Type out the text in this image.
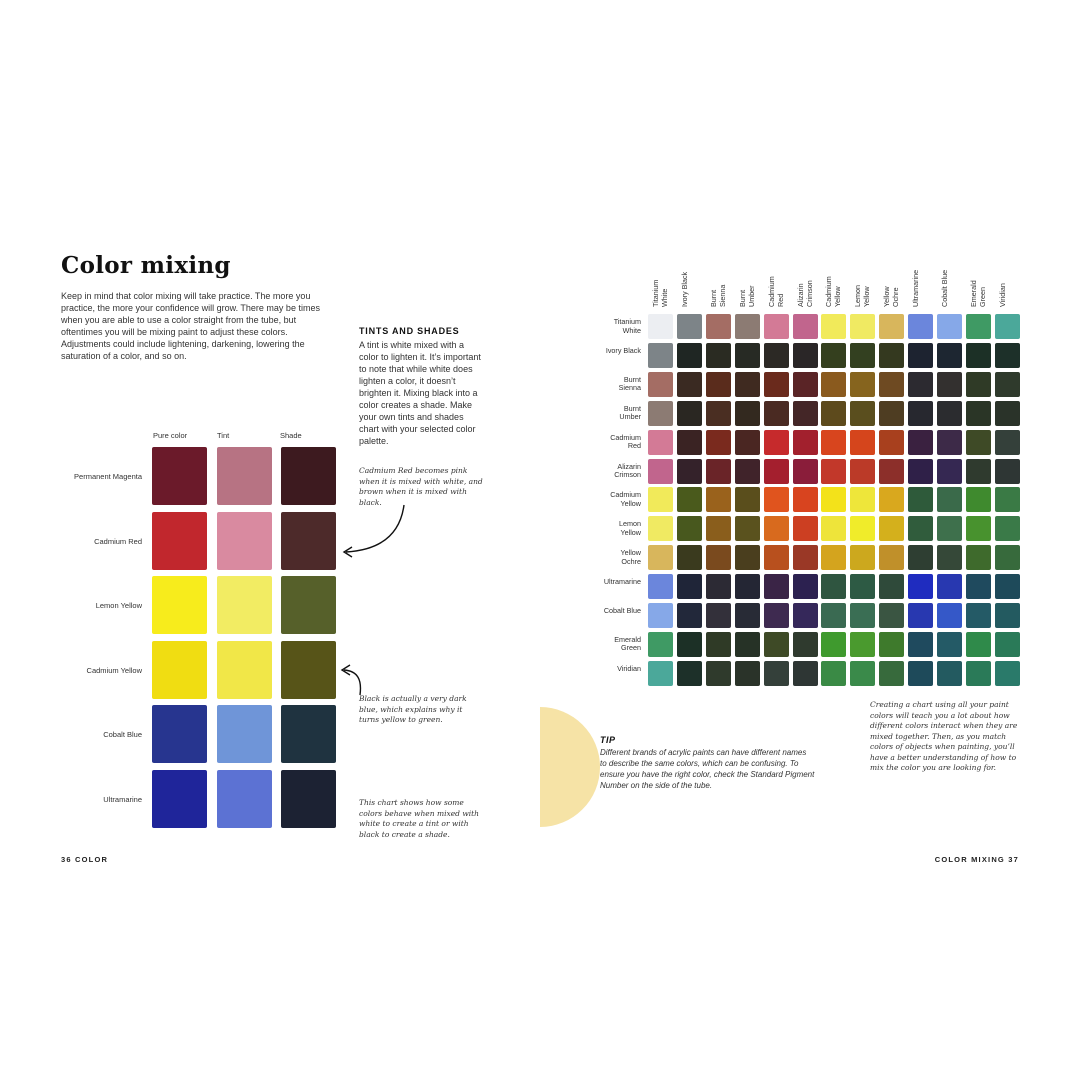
Color mixing
Keep in mind that color mixing will take practice. The more you practice, the more your confidence will grow. There may be times when you are able to use a color straight from the tube, but oftentimes you will be mixing paint to adjust these colors. Adjustments could include lightening, darkening, lowering the saturation of a color, and so on.
TINTS AND SHADES
A tint is white mixed with a color to lighten it. It’s important to note that while white does lighten a color, it doesn’t brighten it. Mixing black into a color creates a shade. Make your own tints and shades chart with your selected color palette.
Pure color	Tint	Shade
Permanent Magenta
Cadmium Red
Lemon Yellow
Cadmium Yellow
Cobalt Blue
Ultramarine
Cadmium Red becomes pink when it is mixed with white, and brown when it is mixed with black.
Black is actually a very dark blue, which explains why it turns yellow to green.
This chart shows how some colors behave when mixed with white to create a tint or with black to create a shade.
36 COLOR
Titanium
White
Titanium
White
Ivory Black
Ivory Black
Burnt
Sienna
Burnt
Sienna
Burnt
Umber
Burnt
Umber
Cadmium
Red
Cadmium
Red
Alizarin
Crimson
Alizarin
Crimson
Cadmium
Yellow
Cadmium
Yellow
Lemon
Yellow
Lemon
Yellow
Yellow
Ochre
Yellow
Ochre
Ultramarine
Ultramarine
Cobalt Blue
Cobalt Blue
Emerald
Green
Emerald
Green
Viridian
Viridian
Creating a chart using all your paint colors will teach you a lot about how different colors interact when they are mixed together. Then, as you match colors of objects when painting, you’ll have a better understanding of how to mix the color you are looking for.
TIP
Different brands of acrylic paints can have different names to describe the same colors, which can be confusing. To ensure you have the right color, check the Standard Pigment Number on the side of the tube.
COLOR MIXING 37
